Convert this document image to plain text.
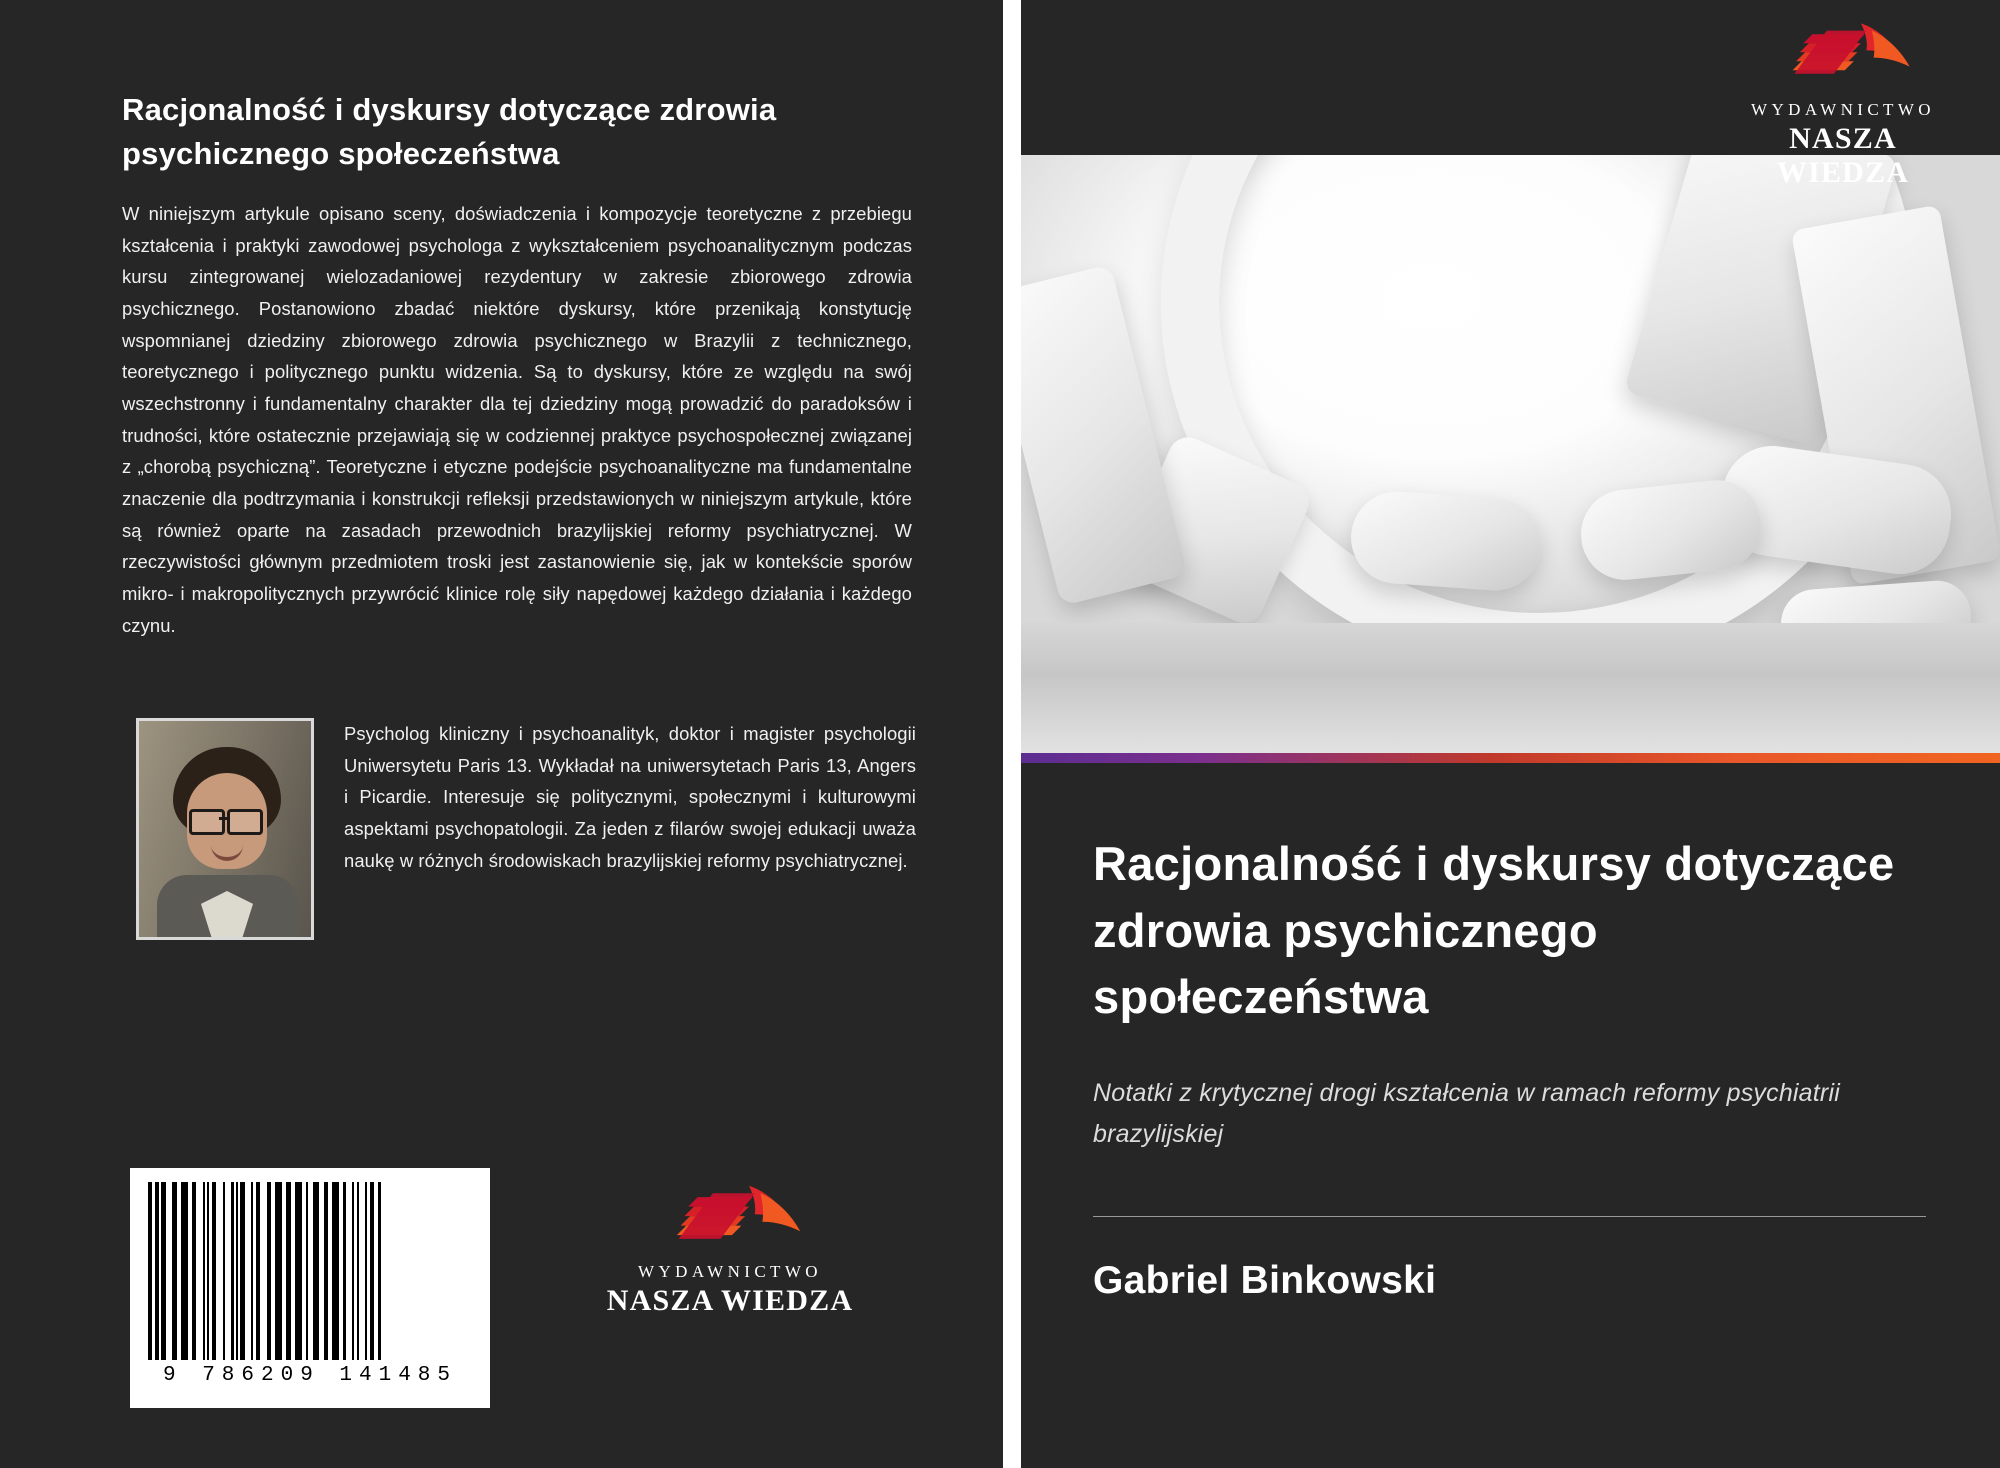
Racjonalność i dyskursy dotyczące zdrowia psychicznego społeczeństwa

W niniejszym artykule opisano sceny, doświadczenia i kompozycje teoretyczne z przebiegu kształcenia i praktyki zawodowej psychologa z wykształceniem psychoanalitycznym podczas kursu zintegrowanej wielozadaniowej rezydentury w zakresie zbiorowego zdrowia psychicznego. Postanowiono zbadać niektóre dyskursy, które przenikają konstytucję wspomnianej dziedziny zbiorowego zdrowia psychicznego w Brazylii z technicznego, teoretycznego i politycznego punktu widzenia. Są to dyskursy, które ze względu na swój wszechstronny i fundamentalny charakter dla tej dziedziny mogą prowadzić do paradoksów i trudności, które ostatecznie przejawiają się w codziennej praktyce psychospołecznej związanej z „chorobą psychiczną”. Teoretyczne i etyczne podejście psychoanalityczne ma fundamentalne znaczenie dla podtrzymania i konstrukcji refleksji przedstawionych w niniejszym artykule, które są również oparte na zasadach przewodnich brazylijskiej reformy psychiatrycznej. W rzeczywistości głównym przedmiotem troski jest zastanowienie się, jak w kontekście sporów mikro- i makropolitycznych przywrócić klinice rolę siły napędowej każdego działania i każdego czynu.

Psycholog kliniczny i psychoanalityk, doktor i magister psychologii Uniwersytetu Paris 13. Wykładał na uniwersytetach Paris 13, Angers i Picardie. Interesuje się politycznymi, społecznymi i kulturowymi aspektami psychopatologii. Za jeden z filarów swojej edukacji uważa naukę w różnych środowiskach brazylijskiej reformy psychiatrycznej.
9 786209 141485
WYDAWNICTWO
NASZA WIEDZA
WYDAWNICTWO
NASZA WIEDZA
Racjonalność i dyskursy dotyczące zdrowia psychicznego społeczeństwa

Notatki z krytycznej drogi kształcenia w ramach reformy psychiatrii brazylijskiej

Gabriel Binkowski
